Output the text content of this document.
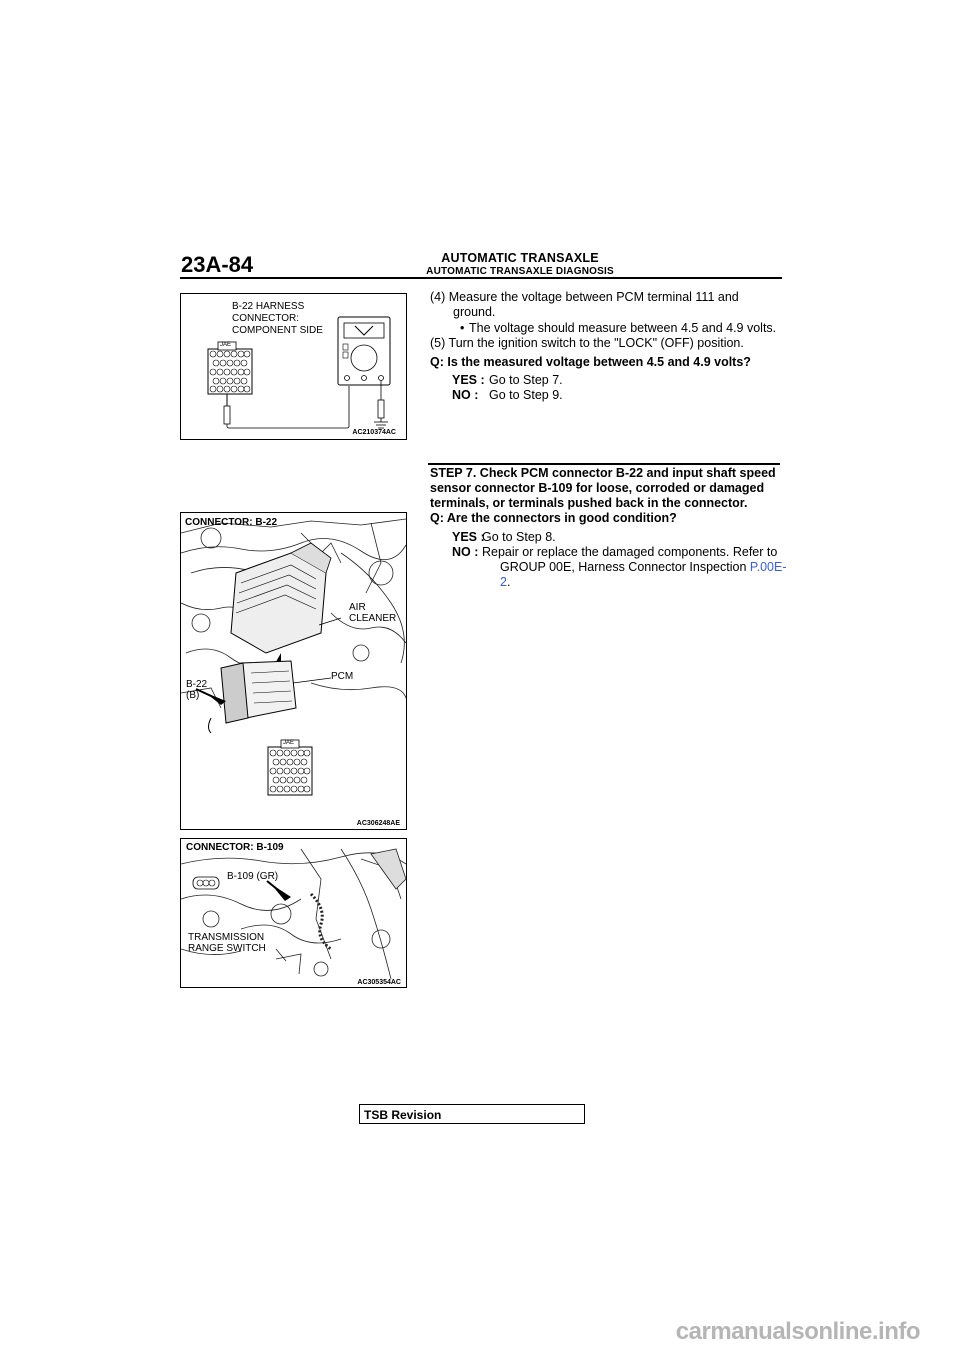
23A-84	AUTOMATIC TRANSAXLE
AUTOMATIC TRANSAXLE DIAGNOSIS
B-22 HARNESS
CONNECTOR:
COMPONENT SIDE
JAE
AC210374AC
CONNECTOR: B-22
AIR
CLEANER
PCM
B-22
(B)
JAE
AC306248AE
CONNECTOR: B-109
B-109 (GR)
TRANSMISSION
RANGE SWITCH
AC305354AC
(4) Measure the voltage between PCM terminal 111 and
ground.
• The voltage should measure between 4.5 and 4.9 volts.
(5) Turn the ignition switch to the "LOCK" (OFF) position.
Q: Is the measured voltage between 4.5 and 4.9 volts?
YES : Go to Step 7.
NO : Go to Step 9.
STEP 7. Check PCM connector B-22 and input shaft speed
sensor connector B-109 for loose, corroded or damaged
terminals, or terminals pushed back in the connector.
Q: Are the connectors in good condition?
YES :
Go to Step 8.
NO : Repair or replace the damaged components. Refer to
GROUP 00E, Harness Connector Inspection P.00E-
2.
TSB Revision
carmanualsonline.info
